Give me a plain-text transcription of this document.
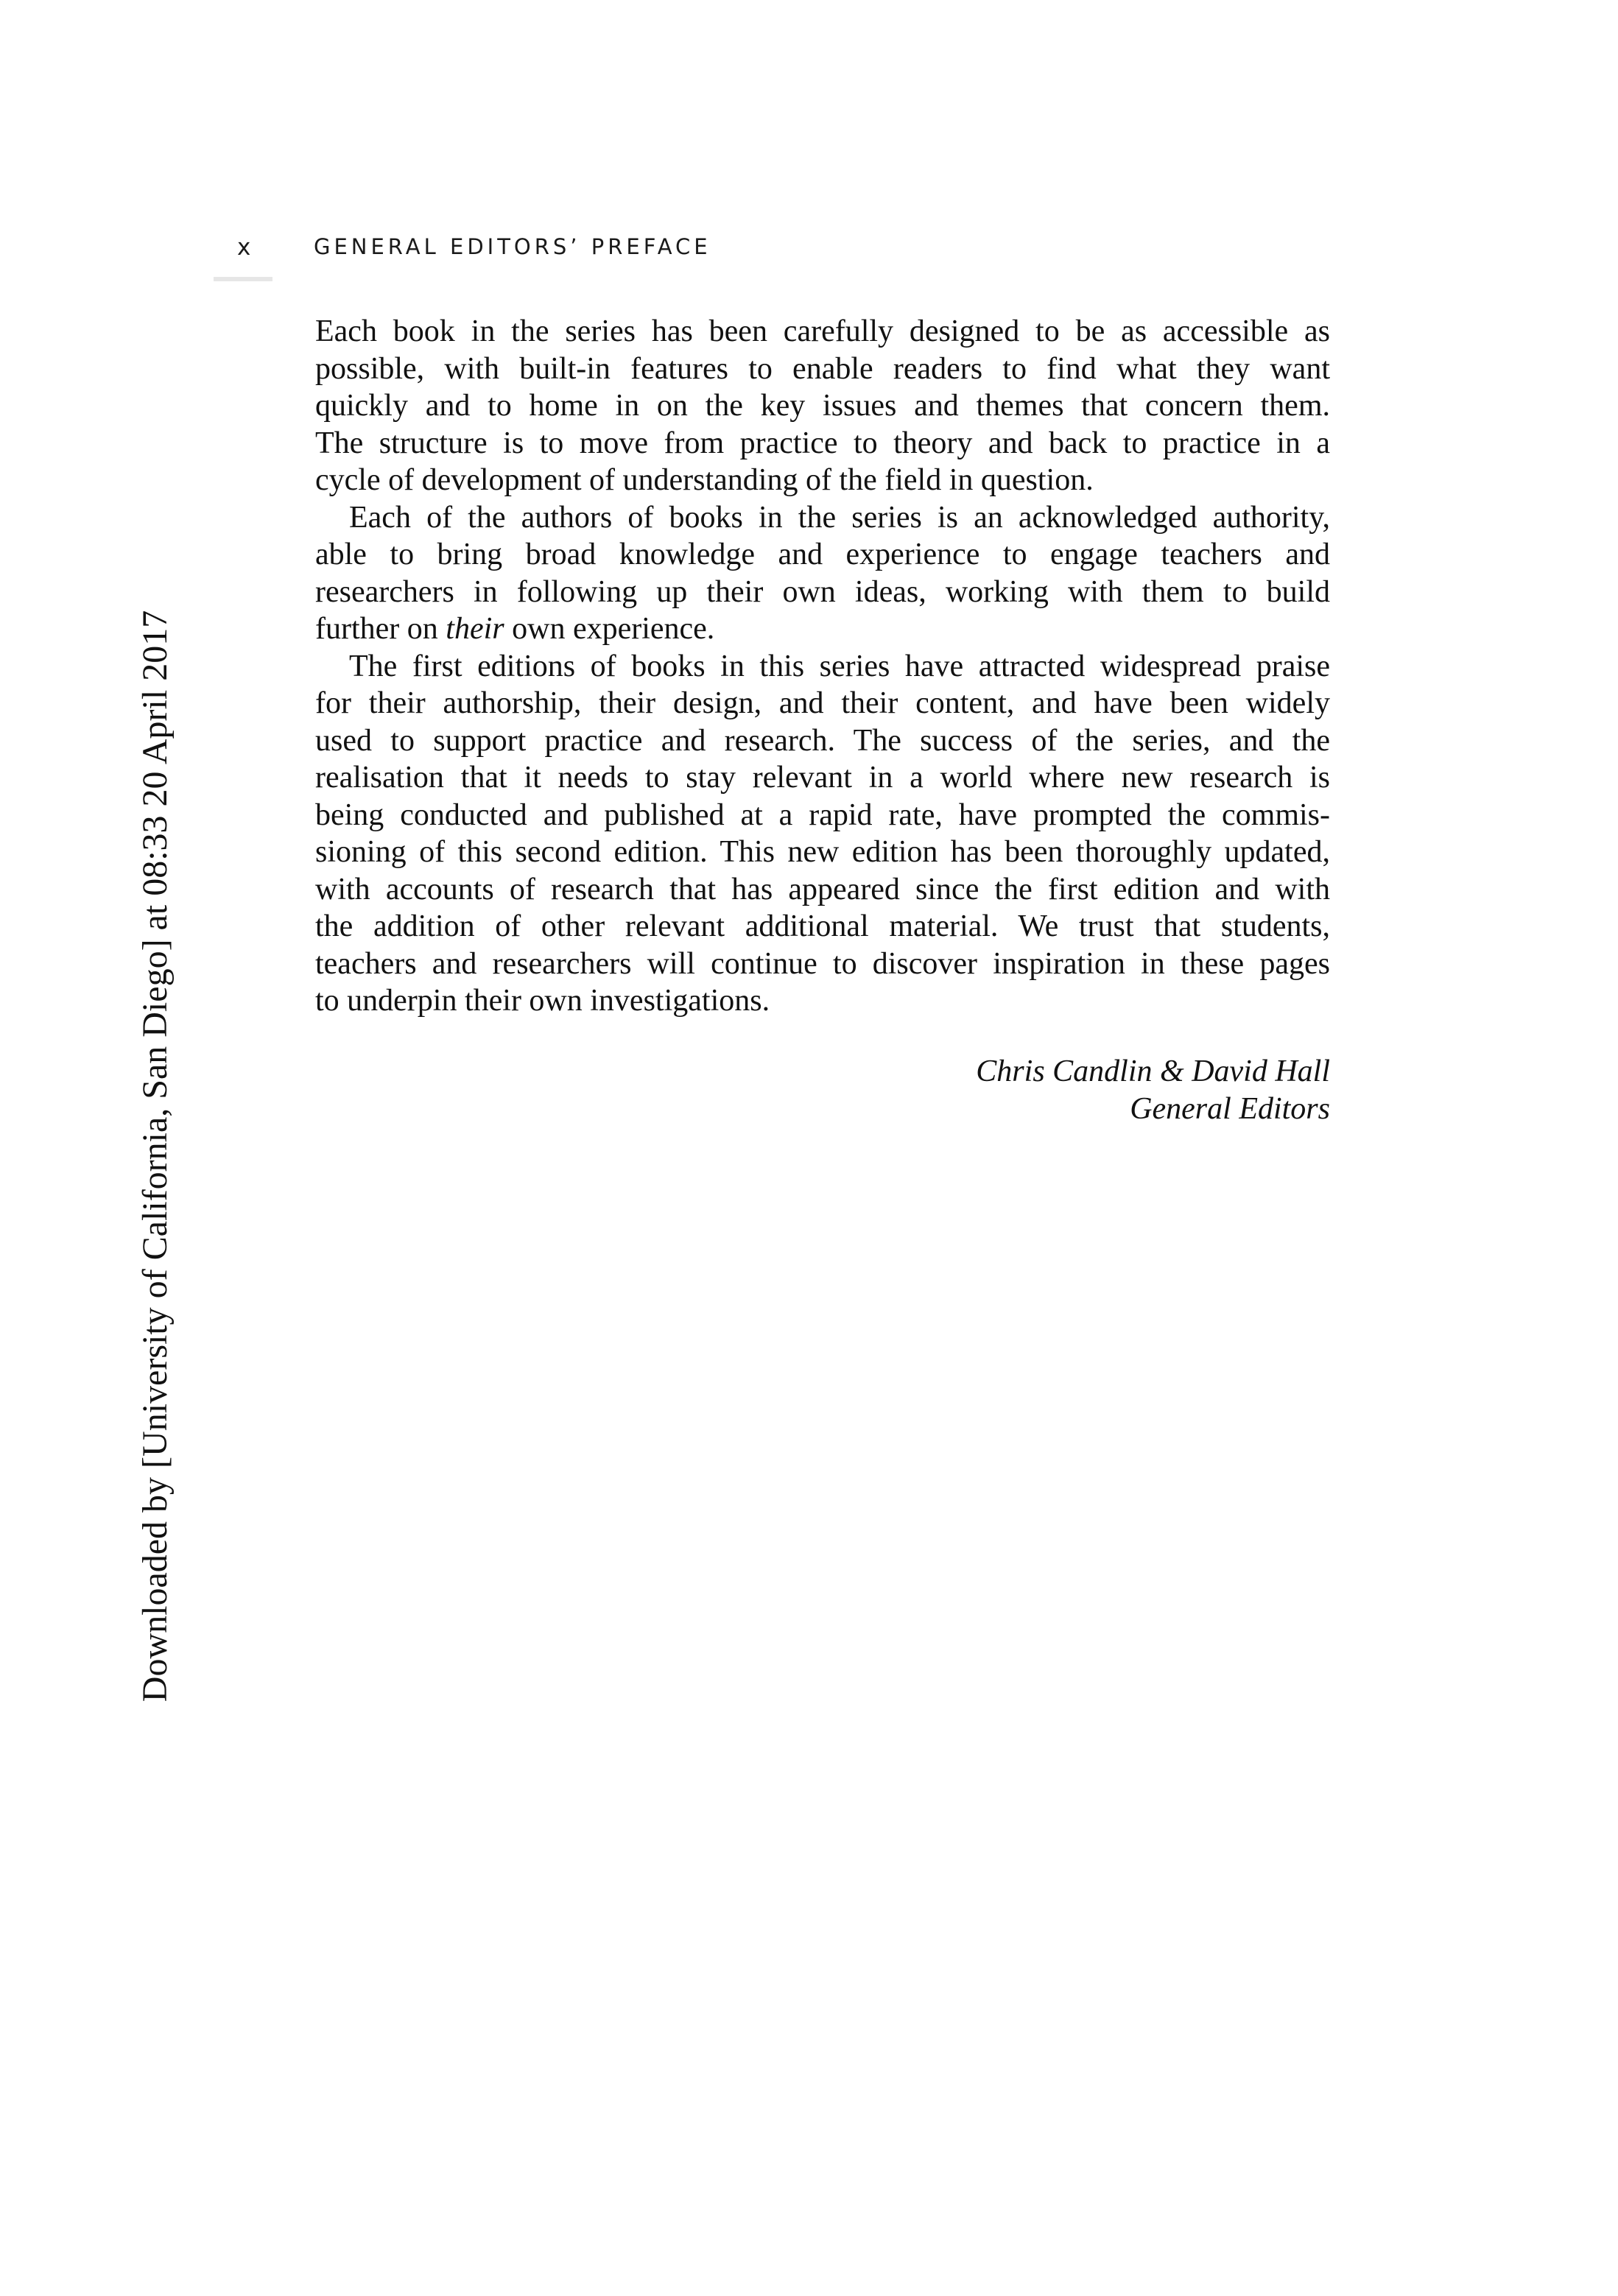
x	GENERAL EDITORS’ PREFACE

Each book in the series has been carefully designed to be as accessible as
possible, with built-in features to enable readers to find what they want
quickly and to home in on the key issues and themes that concern them.
The structure is to move from practice to theory and back to practice in a
cycle of development of understanding of the field in question.

Each of the authors of books in the series is an acknowledged authority,
able to bring broad knowledge and experience to engage teachers and
researchers in following up their own ideas, working with them to build
further on their own experience.

The first editions of books in this series have attracted widespread praise
for their authorship, their design, and their content, and have been widely
used to support practice and research. The success of the series, and the
realisation that it needs to stay relevant in a world where new research is
being conducted and published at a rapid rate, have prompted the commis-
sioning of this second edition. This new edition has been thoroughly updated,
with accounts of research that has appeared since the first edition and with
the addition of other relevant additional material. We trust that students,
teachers and researchers will continue to discover inspiration in these pages
to underpin their own investigations.

Chris Candlin & David Hall
General Editors
Downloaded by [University of California, San Diego] at 08:33 20 April 2017
